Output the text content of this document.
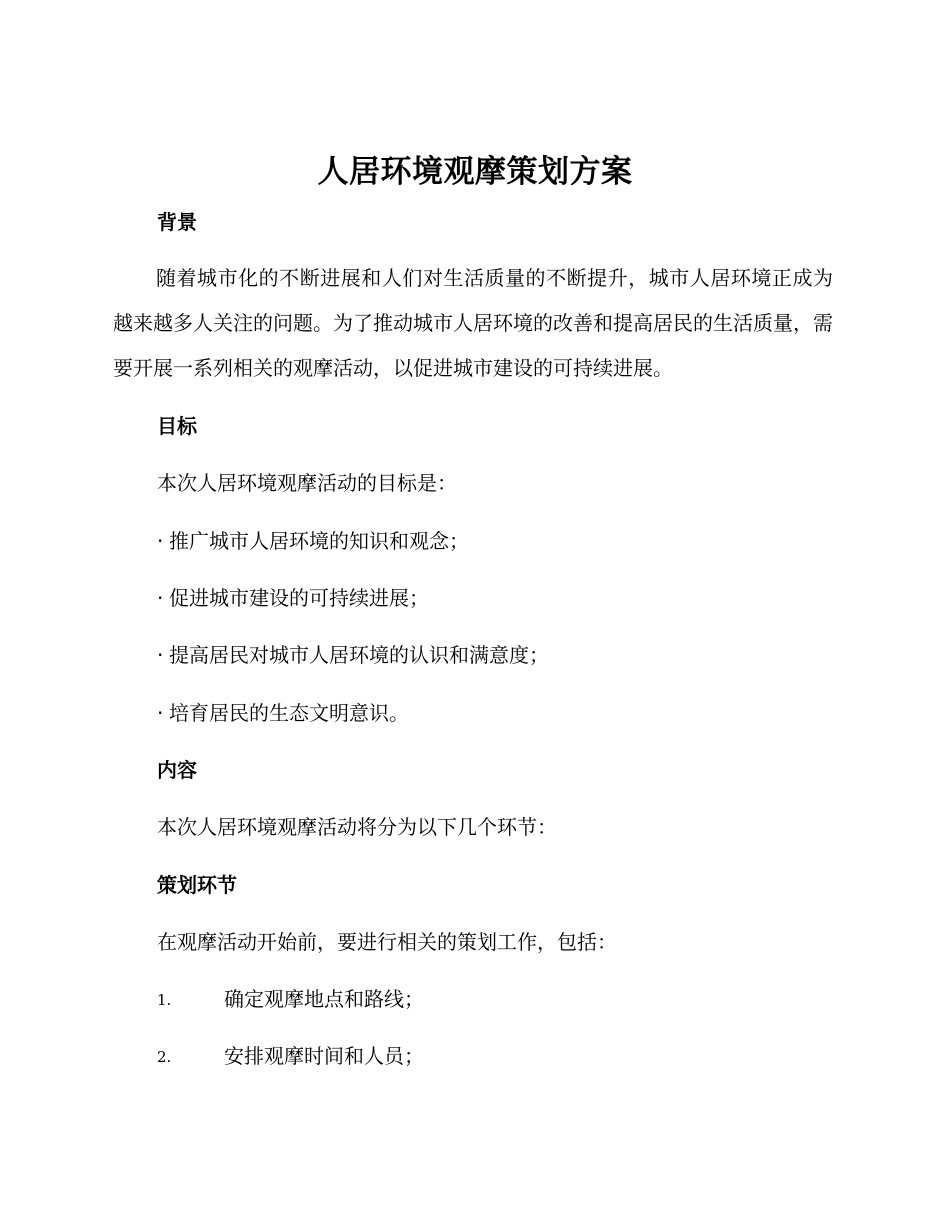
人居环境观摩策划方案
背景
随着城市化的不断进展和人们对生活质量的不断提升，城市人居环境正成为越来越多人关注的问题。为了推动城市人居环境的改善和提高居民的生活质量，需要开展一系列相关的观摩活动，以促进城市建设的可持续进展。
目标
本次人居环境观摩活动的目标是：
· 推广城市人居环境的知识和观念；
· 促进城市建设的可持续进展；
· 提高居民对城市人居环境的认识和满意度；
· 培育居民的生态文明意识。
内容
本次人居环境观摩活动将分为以下几个环节：
策划环节
在观摩活动开始前，要进行相关的策划工作，包括：
1.	确定观摩地点和路线；
2.	安排观摩时间和人员；
